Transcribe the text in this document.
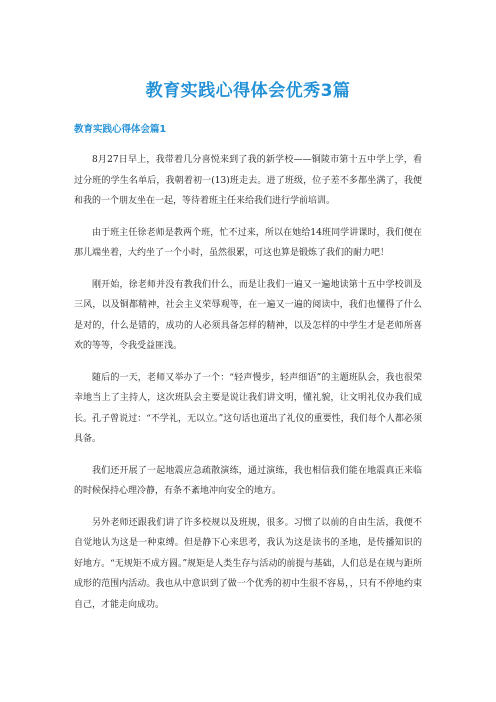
教育实践心得体会优秀3篇
教育实践心得体会篇1

8月27日早上，我带着几分喜悦来到了我的新学校——铜陵市第十五中学上学，看过分班的学生名单后，我朝着初一(13)班走去。进了班级，位子差不多都坐满了，我便和我的一个朋友坐在一起，等待着班主任来给我们进行学前培训。

由于班主任徐老师是教两个班，忙不过来，所以在她给14班同学讲课时，我们便在那儿端坐着，大约坐了一个小时，虽然很累，可这也算是锻炼了我们的耐力吧！

刚开始，徐老师并没有教我们什么，而是让我们一遍又一遍地读第十五中学校训及三风，以及铜都精神，社会主义荣辱观等，在一遍又一遍的阅读中，我们也懂得了什么是对的，什么是错的，成功的人必须具备怎样的精神，以及怎样的中学生才是老师所喜欢的等等，令我受益匪浅。

随后的一天，老师又举办了一个：“轻声慢步，轻声细语”的主题班队会，我也很荣幸地当上了主持人，这次班队会主要是说让我们讲文明，懂礼貌，让文明礼仪办我们成长。孔子曾说过：“不学礼，无以立。”这句话也道出了礼仪的重要性，我们每个人都必须具备。

我们还开展了一起地震应急疏散演练，通过演练，我也相信我们能在地震真正来临的时候保持心理冷静，有条不紊地冲向安全的地方。

另外老师还跟我们讲了许多校规以及班规，很多。习惯了以前的自由生活，我便不自觉地认为这是一种束缚。但是静下心来思考，我认为这是读书的圣地，是传播知识的好地方。“无规矩不成方圆。”规矩是人类生存与活动的前提与基础，人们总是在规与距所成形的范围内活动。我也从中意识到了做一个优秀的初中生很不容易，，只有不停地约束自己，才能走向成功。
